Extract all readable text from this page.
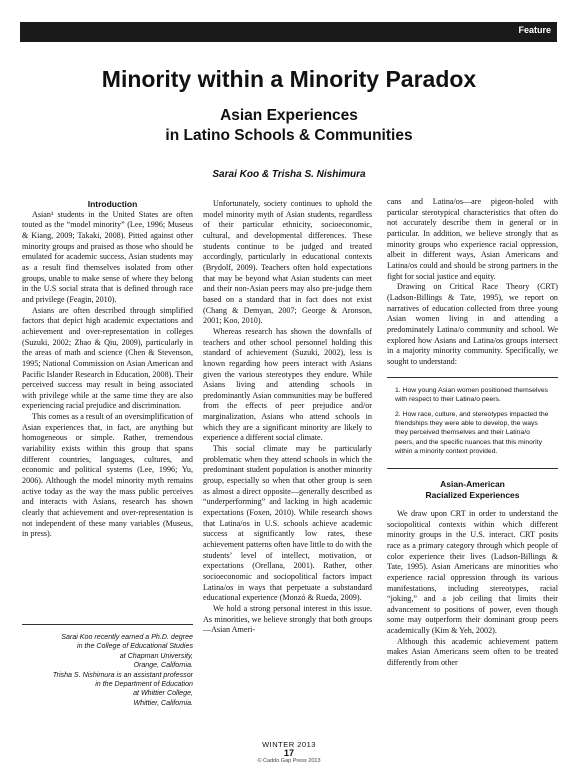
Feature
Minority within a Minority Paradox
Asian Experiences
in Latino Schools & Communities
Sarai Koo & Trisha S. Nishimura

Introduction

Asian¹ students in the United States are often touted as the “model minority” (Lee, 1996; Museus & Kiang, 2009; Takaki, 2008). Pitted against other minority groups and praised as those who should be emulated for academic success, Asian students may as a result find themselves isolated from other groups, unable to make sense of where they belong in the U.S social strata that is defined through race and privilege (Feagin, 2010).

Asians are often described through simplified factors that depict high academic expectations and achievement and over-representation in colleges (Suzuki, 2002; Zhao & Qiu, 2009), particularly in the areas of math and science (Chen & Stevenson, 1995; National Commission on Asian American and Pacific Islander Research in Education, 2008). Their perceived success may result in being associated with privilege while at the same time they are also experiencing racial prejudice and discrimination.

This comes as a result of an oversimplification of Asian experiences that, in fact, are anything but homogeneous or simple. Rather, tremendous variability exists within this group that spans different countries, languages, cultures, and economic and political systems (Lee, 1996; Yu, 2006). Although the model minority myth remains active today as the way the mass public perceives and interacts with Asians, research has shown clearly that achievement and over-representation is not independent of these many variables (Museus, in press).

Sarai Koo recently earned a Ph.D. degree
in the College of Educational Studies
at Chapman University,
Orange, California.
Trisha S. Nishimura is an assistant professor
in the Department of Education
at Whittier College,
Whittier, California.

Unfortunately, society continues to uphold the model minority myth of Asian students, regardless of their particular ethnicity, socioeconomic, cultural, and developmental differences. These students continue to be judged and treated accordingly, particularly in educational contexts (Brydolf, 2009). Teachers often hold expectations that may be beyond what Asian students can meet and their non-Asian peers may also pre-judge them based on a standard that in fact does not exist (Chang & Demyan, 2007; George & Aronson, 2001; Koo, 2010).

Whereas research has shown the downfalls of teachers and other school personnel holding this standard of achievement (Suzuki, 2002), less is known regarding how peers interact with Asians given the various stereotypes they endure. While Asians living and attending schools in predominantly Asian communities may be buffered from the effects of peer prejudice and/or marginalization, Asians who attend schools in which they are a significant minority are likely to experience a different social climate.

This social climate may be particularly problematic when they attend schools in which the predominant student population is another minority group, especially so when that other group is seen as almost a direct opposite—generally described as “underperforming” and lacking in high academic expectations (Foxen, 2010). While research shows that Latina/os in U.S. schools achieve academic success at significantly low rates, these achievement patterns often have little to do with the students’ level of intellect, motivation, or expectations (Orellana, 2001). Rather, other socioeconomic and sociopolitical factors impact Latina/os in ways that perpetuate a substandard educational experience (Monzó & Rueda, 2009).

We hold a strong personal interest in this issue. As minorities, we believe strongly that both groups—Asian Ameri-

cans and Latina/os—are pigeon-holed with particular sterotypical characteristics that often do not accurately describe them in general or in particular. In addition, we believe strongly that as minority groups who experience racial oppression, albeit in different ways, Asian Americans and Latina/os could and should be strong partners in the fight for social justice and equity.

Drawing on Critical Race Theory (CRT) (Ladson-Billings & Tate, 1995), we report on narratives of education collected from three young Asian women living in and attending a predominately Latina/o community and school. We explored how Asians and Latina/os groups intersect in a majority minority community. Specifically, we sought to understand:

1. How young Asian women positioned themselves with respect to their Latina/o peers.
2. How race, culture, and stereotypes impacted the friendships they were able to develop, the ways they perceived themselves and their Latina/o peers, and the specific nuances that this minority within a minority context provided.
Asian-American
Racialized Experiences

We draw upon CRT in order to understand the sociopolitical contexts within which different minority groups in the U.S. interact. CRT posits race as a primary category through which people of color experience their lives (Ladson-Billings & Tate, 1995). Asian Americans are minorities who experience racial oppression through its various manifestations, including stereotypes, racial “joking,” and a job ceiling that limits their advancement to positions of power, even though some may outperform their dominant group peers academically (Kim & Yeh, 2002).

Although this academic achievement pattern makes Asian Americans seem often to be treated differently from other

WINTER 2013
17
© Caddo Gap Press 2013
